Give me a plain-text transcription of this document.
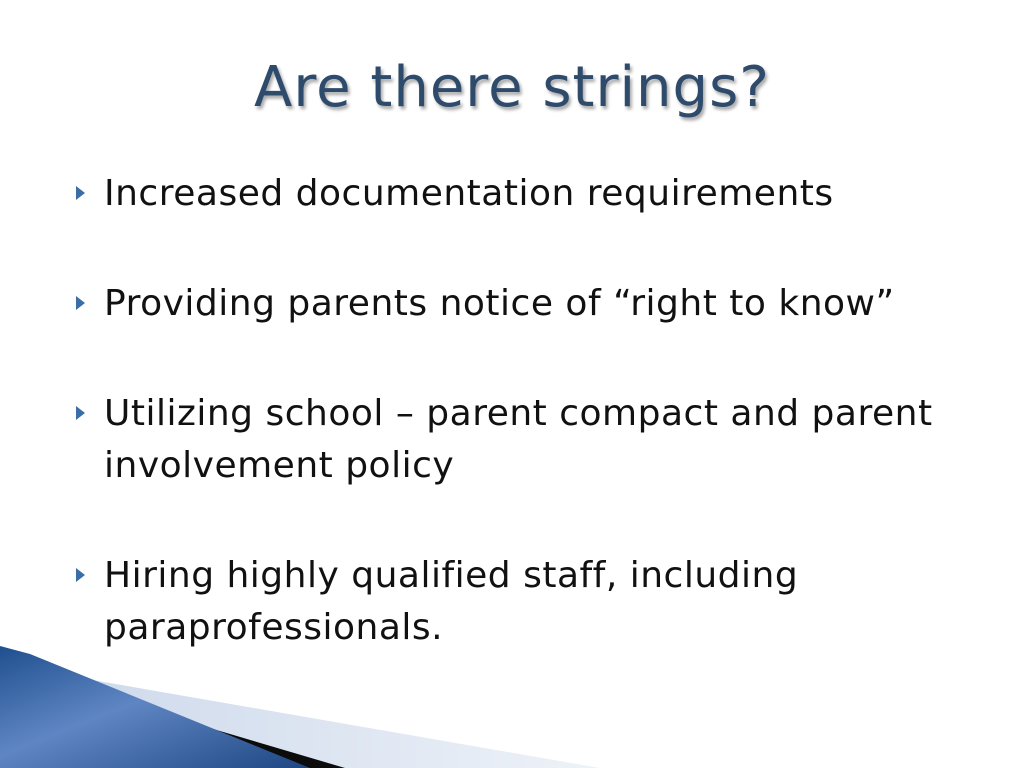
Are there strings?
Increased documentation requirements
Providing parents notice of “right to know”
Utilizing school – parent compact and parent involvement policy
Hiring highly qualified staff, including paraprofessionals.
